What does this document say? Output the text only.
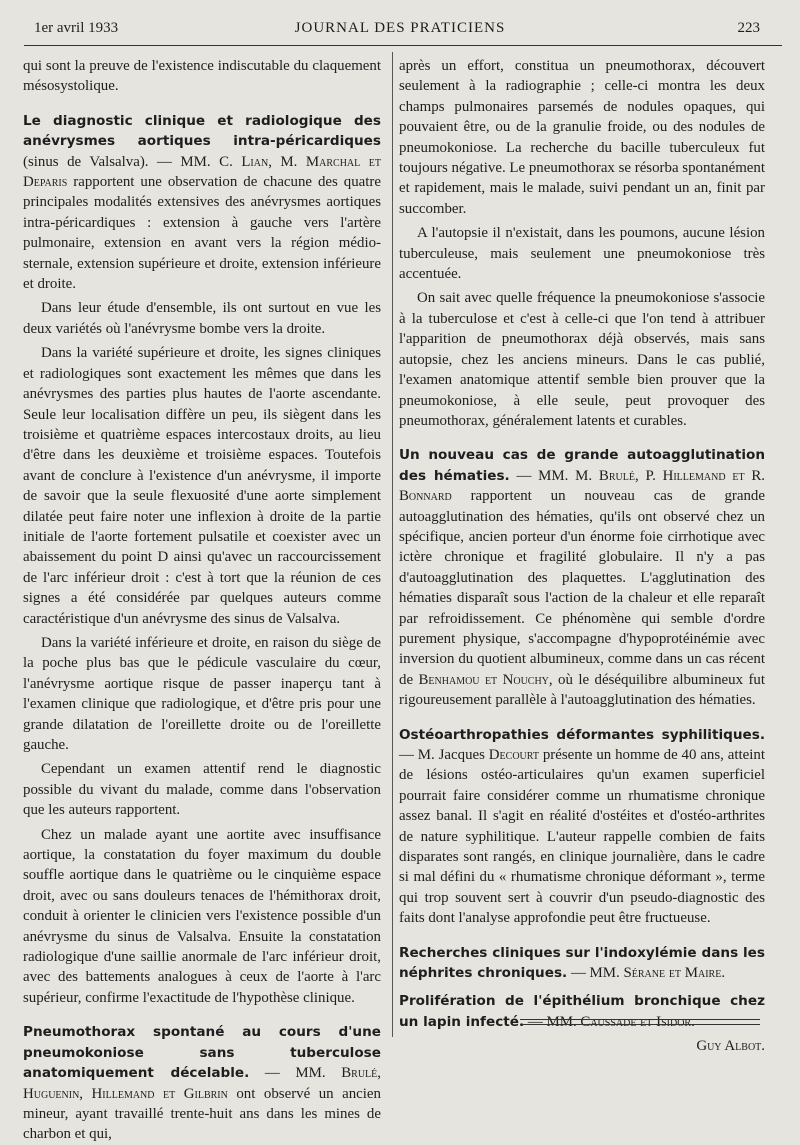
1er avril 1933	JOURNAL DES PRATICIENS	223

qui sont la preuve de l'existence indiscutable du claquement mésosystolique.

Le diagnostic clinique et radiologique des anévrysmes aortiques intra-péricardiques (sinus de Valsalva). — MM. C. Lian, M. Marchal et Deparis rapportent une observation de chacune des quatre principales modalités extensives des anévrysmes aortiques intra-péricardiques : extension à gauche vers l'artère pulmonaire, extension en avant vers la région médio-sternale, extension supérieure et droite, extension inférieure et droite.

Dans leur étude d'ensemble, ils ont surtout en vue les deux variétés où l'anévrysme bombe vers la droite.

Dans la variété supérieure et droite, les signes cliniques et radiologiques sont exactement les mêmes que dans les anévrysmes des parties plus hautes de l'aorte ascendante. Seule leur localisation diffère un peu, ils siègent dans les troisième et quatrième espaces intercostaux droits, au lieu d'être dans les deuxième et troisième espaces. Toutefois avant de conclure à l'existence d'un anévrysme, il importe de savoir que la seule flexuosité d'une aorte simplement dilatée peut faire noter une inflexion à droite de la partie initiale de l'aorte fortement pulsatile et coexister avec un abaissement du point D ainsi qu'avec un raccourcissement de l'arc inférieur droit : c'est à tort que la réunion de ces signes a été considérée par quelques auteurs comme caractéristique d'un anévrysme des sinus de Valsalva.

Dans la variété inférieure et droite, en raison du siège de la poche plus bas que le pédicule vasculaire du cœur, l'anévrysme aortique risque de passer inaperçu tant à l'examen clinique que radiologique, et d'être pris pour une grande dilatation de l'oreillette droite ou de l'oreillette gauche.

Cependant un examen attentif rend le diagnostic possible du vivant du malade, comme dans l'observation que les auteurs rapportent.

Chez un malade ayant une aortite avec insuffisance aortique, la constatation du foyer maximum du double souffle aortique dans le quatrième ou le cinquième espace droit, avec ou sans douleurs tenaces de l'hémithorax droit, conduit à orienter le clinicien vers l'existence possible d'un anévrysme du sinus de Valsalva. Ensuite la constatation radiologique d'une saillie anormale de l'arc inférieur droit, avec des battements analogues à ceux de l'aorte à l'arc supérieur, confirme l'exactitude de l'hypothèse clinique.

Pneumothorax spontané au cours d'une pneumokoniose sans tuberculose anatomiquement décelable. — MM. Brulé, Huguenin, Hillemand et Gilbrin ont observé un ancien mineur, ayant travaillé trente-huit ans dans les mines de charbon et qui,

après un effort, constitua un pneumothorax, découvert seulement à la radiographie ; celle-ci montra les deux champs pulmonaires parsemés de nodules opaques, qui pouvaient être, ou de la granulie froide, ou des nodules de pneumokoniose. La recherche du bacille tuberculeux fut toujours négative. Le pneumothorax se résorba spontanément et rapidement, mais le malade, suivi pendant un an, finit par succomber.

A l'autopsie il n'existait, dans les poumons, aucune lésion tuberculeuse, mais seulement une pneumokoniose très accentuée.

On sait avec quelle fréquence la pneumokoniose s'associe à la tuberculose et c'est à celle-ci que l'on tend à attribuer l'apparition de pneumothorax déjà observés, mais sans autopsie, chez les anciens mineurs. Dans le cas publié, l'examen anatomique attentif semble bien prouver que la pneumokoniose, à elle seule, peut provoquer des pneumothorax, généralement latents et curables.

Un nouveau cas de grande autoagglutination des hématies. — MM. M. Brulé, P. Hillemand et R. Bonnard rapportent un nouveau cas de grande autoagglutination des hématies, qu'ils ont observé chez un spécifique, ancien porteur d'un énorme foie cirrhotique avec ictère chronique et fragilité globulaire. Il n'y a pas d'autoagglutination des plaquettes. L'agglutination des hématies disparaît sous l'action de la chaleur et elle reparaît par refroidissement. Ce phénomène qui semble d'ordre purement physique, s'accompagne d'hypoprotéinémie avec inversion du quotient albumineux, comme dans un cas récent de Benhamou et Nouchy, où le déséquilibre albumineux fut rigoureusement parallèle à l'autoagglutination des hématies.

Ostéoarthropathies déformantes syphilitiques. — M. Jacques Decourt présente un homme de 40 ans, atteint de lésions ostéo-articulaires qu'un examen superficiel pourrait faire considérer comme un rhumatisme chronique assez banal. Il s'agit en réalité d'ostéites et d'ostéo-arthrites de nature syphilitique. L'auteur rappelle combien de faits disparates sont rangés, en clinique journalière, dans le cadre si mal défini du « rhumatisme chronique déformant », terme qui trop souvent sert à couvrir d'un pseudo-diagnostic des faits dont l'analyse approfondie peut être fructueuse.

Recherches cliniques sur l'indoxylémie dans les néphrites chroniques. — MM. Sérane et Maire.

Prolifération de l'épithélium bronchique chez un lapin infecté. — MM. Caussade et Isidor.

Guy Albot.
